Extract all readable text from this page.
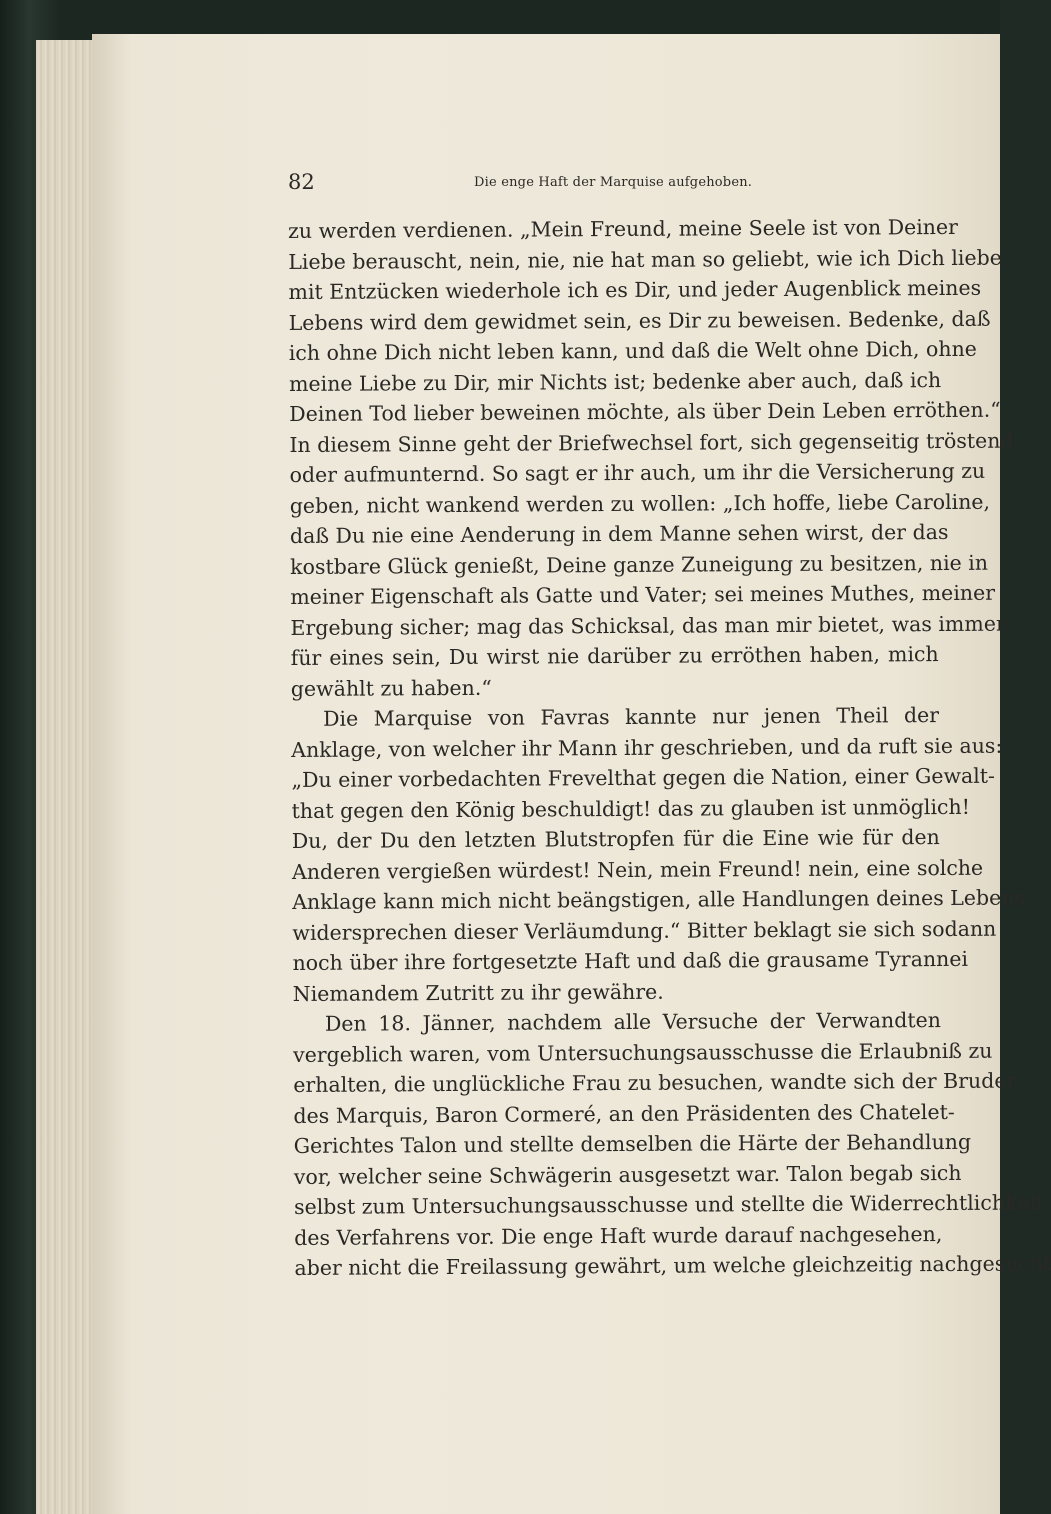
82	Die enge Haft der Marquise aufgehoben.
zu werden verdienen. „Mein Freund, meine Seele ist von Deiner
Liebe berauscht, nein, nie, nie hat man so geliebt, wie ich Dich liebe,
mit Entzücken wiederhole ich es Dir, und jeder Augenblick meines
Lebens wird dem gewidmet sein, es Dir zu beweisen. Bedenke, daß
ich ohne Dich nicht leben kann, und daß die Welt ohne Dich, ohne
meine Liebe zu Dir, mir Nichts ist; bedenke aber auch, daß ich
Deinen Tod lieber beweinen möchte, als über Dein Leben erröthen.“
In diesem Sinne geht der Briefwechsel fort, sich gegenseitig tröstend
oder aufmunternd. So sagt er ihr auch, um ihr die Versicherung zu
geben, nicht wankend werden zu wollen: „Ich hoffe, liebe Caroline,
daß Du nie eine Aenderung in dem Manne sehen wirst, der das
kostbare Glück genießt, Deine ganze Zuneigung zu besitzen, nie in
meiner Eigenschaft als Gatte und Vater; sei meines Muthes, meiner
Ergebung sicher; mag das Schicksal, das man mir bietet, was immer
für eines sein, Du wirst nie darüber zu erröthen haben, mich
gewählt zu haben.“
Die Marquise von Favras kannte nur jenen Theil der
Anklage, von welcher ihr Mann ihr geschrieben, und da ruft sie aus:
„Du einer vorbedachten Frevelthat gegen die Nation, einer Gewalt-
that gegen den König beschuldigt! das zu glauben ist unmöglich!
Du, der Du den letzten Blutstropfen für die Eine wie für den
Anderen vergießen würdest! Nein, mein Freund! nein, eine solche
Anklage kann mich nicht beängstigen, alle Handlungen deines Lebens
widersprechen dieser Verläumdung.“ Bitter beklagt sie sich sodann
noch über ihre fortgesetzte Haft und daß die grausame Tyrannei
Niemandem Zutritt zu ihr gewähre.
Den 18. Jänner, nachdem alle Versuche der Verwandten
vergeblich waren, vom Untersuchungsausschusse die Erlaubniß zu
erhalten, die unglückliche Frau zu besuchen, wandte sich der Bruder
des Marquis, Baron Cormeré, an den Präsidenten des Chatelet-
Gerichtes Talon und stellte demselben die Härte der Behandlung
vor, welcher seine Schwägerin ausgesetzt war. Talon begab sich
selbst zum Untersuchungsausschusse und stellte die Widerrechtlichkeit
des Verfahrens vor. Die enge Haft wurde darauf nachgesehen,
aber nicht die Freilassung gewährt, um welche gleichzeitig nachgesucht
